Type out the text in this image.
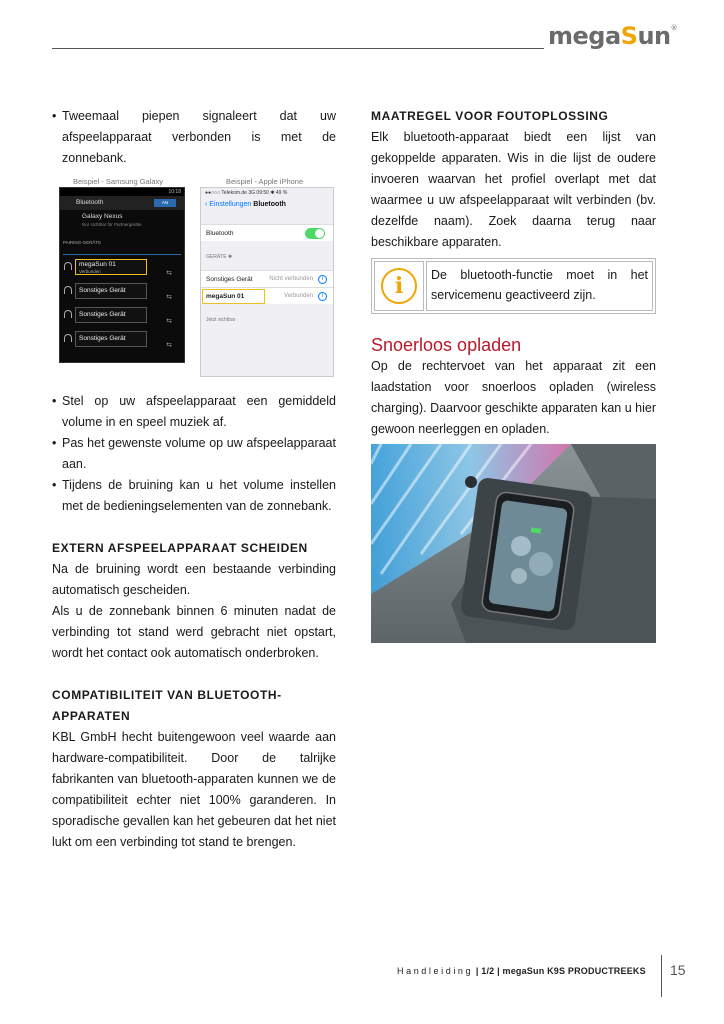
megaSun®
• Tweemaal piepen signaleert dat uw afspeelapparaat verbonden is met de zonnebank.
Beispiel - Samsung Galaxy	Beispiel - Apple iPhone
10:18
Bluetooth	AN
Galaxy Nexus
Nur sichtbar für Partnergeräte
PAIRING-GERÄTE
megaSun 01
Verbunden	⇆
Sonstiges Gerät
⇆
Sonstiges Gerät
⇆
Sonstiges Gerät
⇆
●●○○○ Telekom.de 3G 09:50 ✱ 49 %
‹ Einstellungen Bluetooth
Bluetooth
GERÄTE ✺
Sonstiges Gerät	Nicht verbunden	i
megaSun 01	Verbunden	i
Jetzt sichtbar
• Stel op uw afspeelapparaat een gemiddeld volume in en speel muziek af.
• Pas het gewenste volume op uw afspeelapparaat aan.
• Tijdens de bruining kan u het volume instellen met de bedieningselementen van de zonnebank.
EXTERN AFSPEELAPPARAAT SCHEIDEN

Na de bruining wordt een bestaande verbinding automatisch gescheiden.

Als u de zonnebank binnen 6 minuten nadat de verbinding tot stand werd gebracht niet opstart, wordt het contact ook automatisch onderbroken.

COMPATIBILITEIT VAN BLUETOOTH-APPARATEN

KBL GmbH hecht buitengewoon veel waarde aan hardware-compatibiliteit. Door de talrijke fabrikanten van bluetooth-apparaten kunnen we de compatibiliteit echter niet 100% garanderen. In sporadische gevallen kan het gebeuren dat het niet lukt om een verbinding tot stand te brengen.

MAATREGEL VOOR FOUTOPLOSSING

Elk bluetooth-apparaat biedt een lijst van gekoppelde apparaten. Wis in die lijst de oudere invoeren waarvan het profiel overlapt met dat waarmee u uw afspeelapparaat wilt verbinden (bv. dezelfde naam). Zoek daarna terug naar beschikbare apparaten.

i	De bluetooth-functie moet in het servicemenu geactiveerd zijn.
Snoerloos opladen

Op de rechtervoet van het apparaat zit een laadstation voor snoerloos opladen (wireless charging). Daarvoor geschikte apparaten kan u hier gewoon neerleggen en opladen.

Handleiding | 1/2 | megaSun K9S PRODUCTREEKS 15
